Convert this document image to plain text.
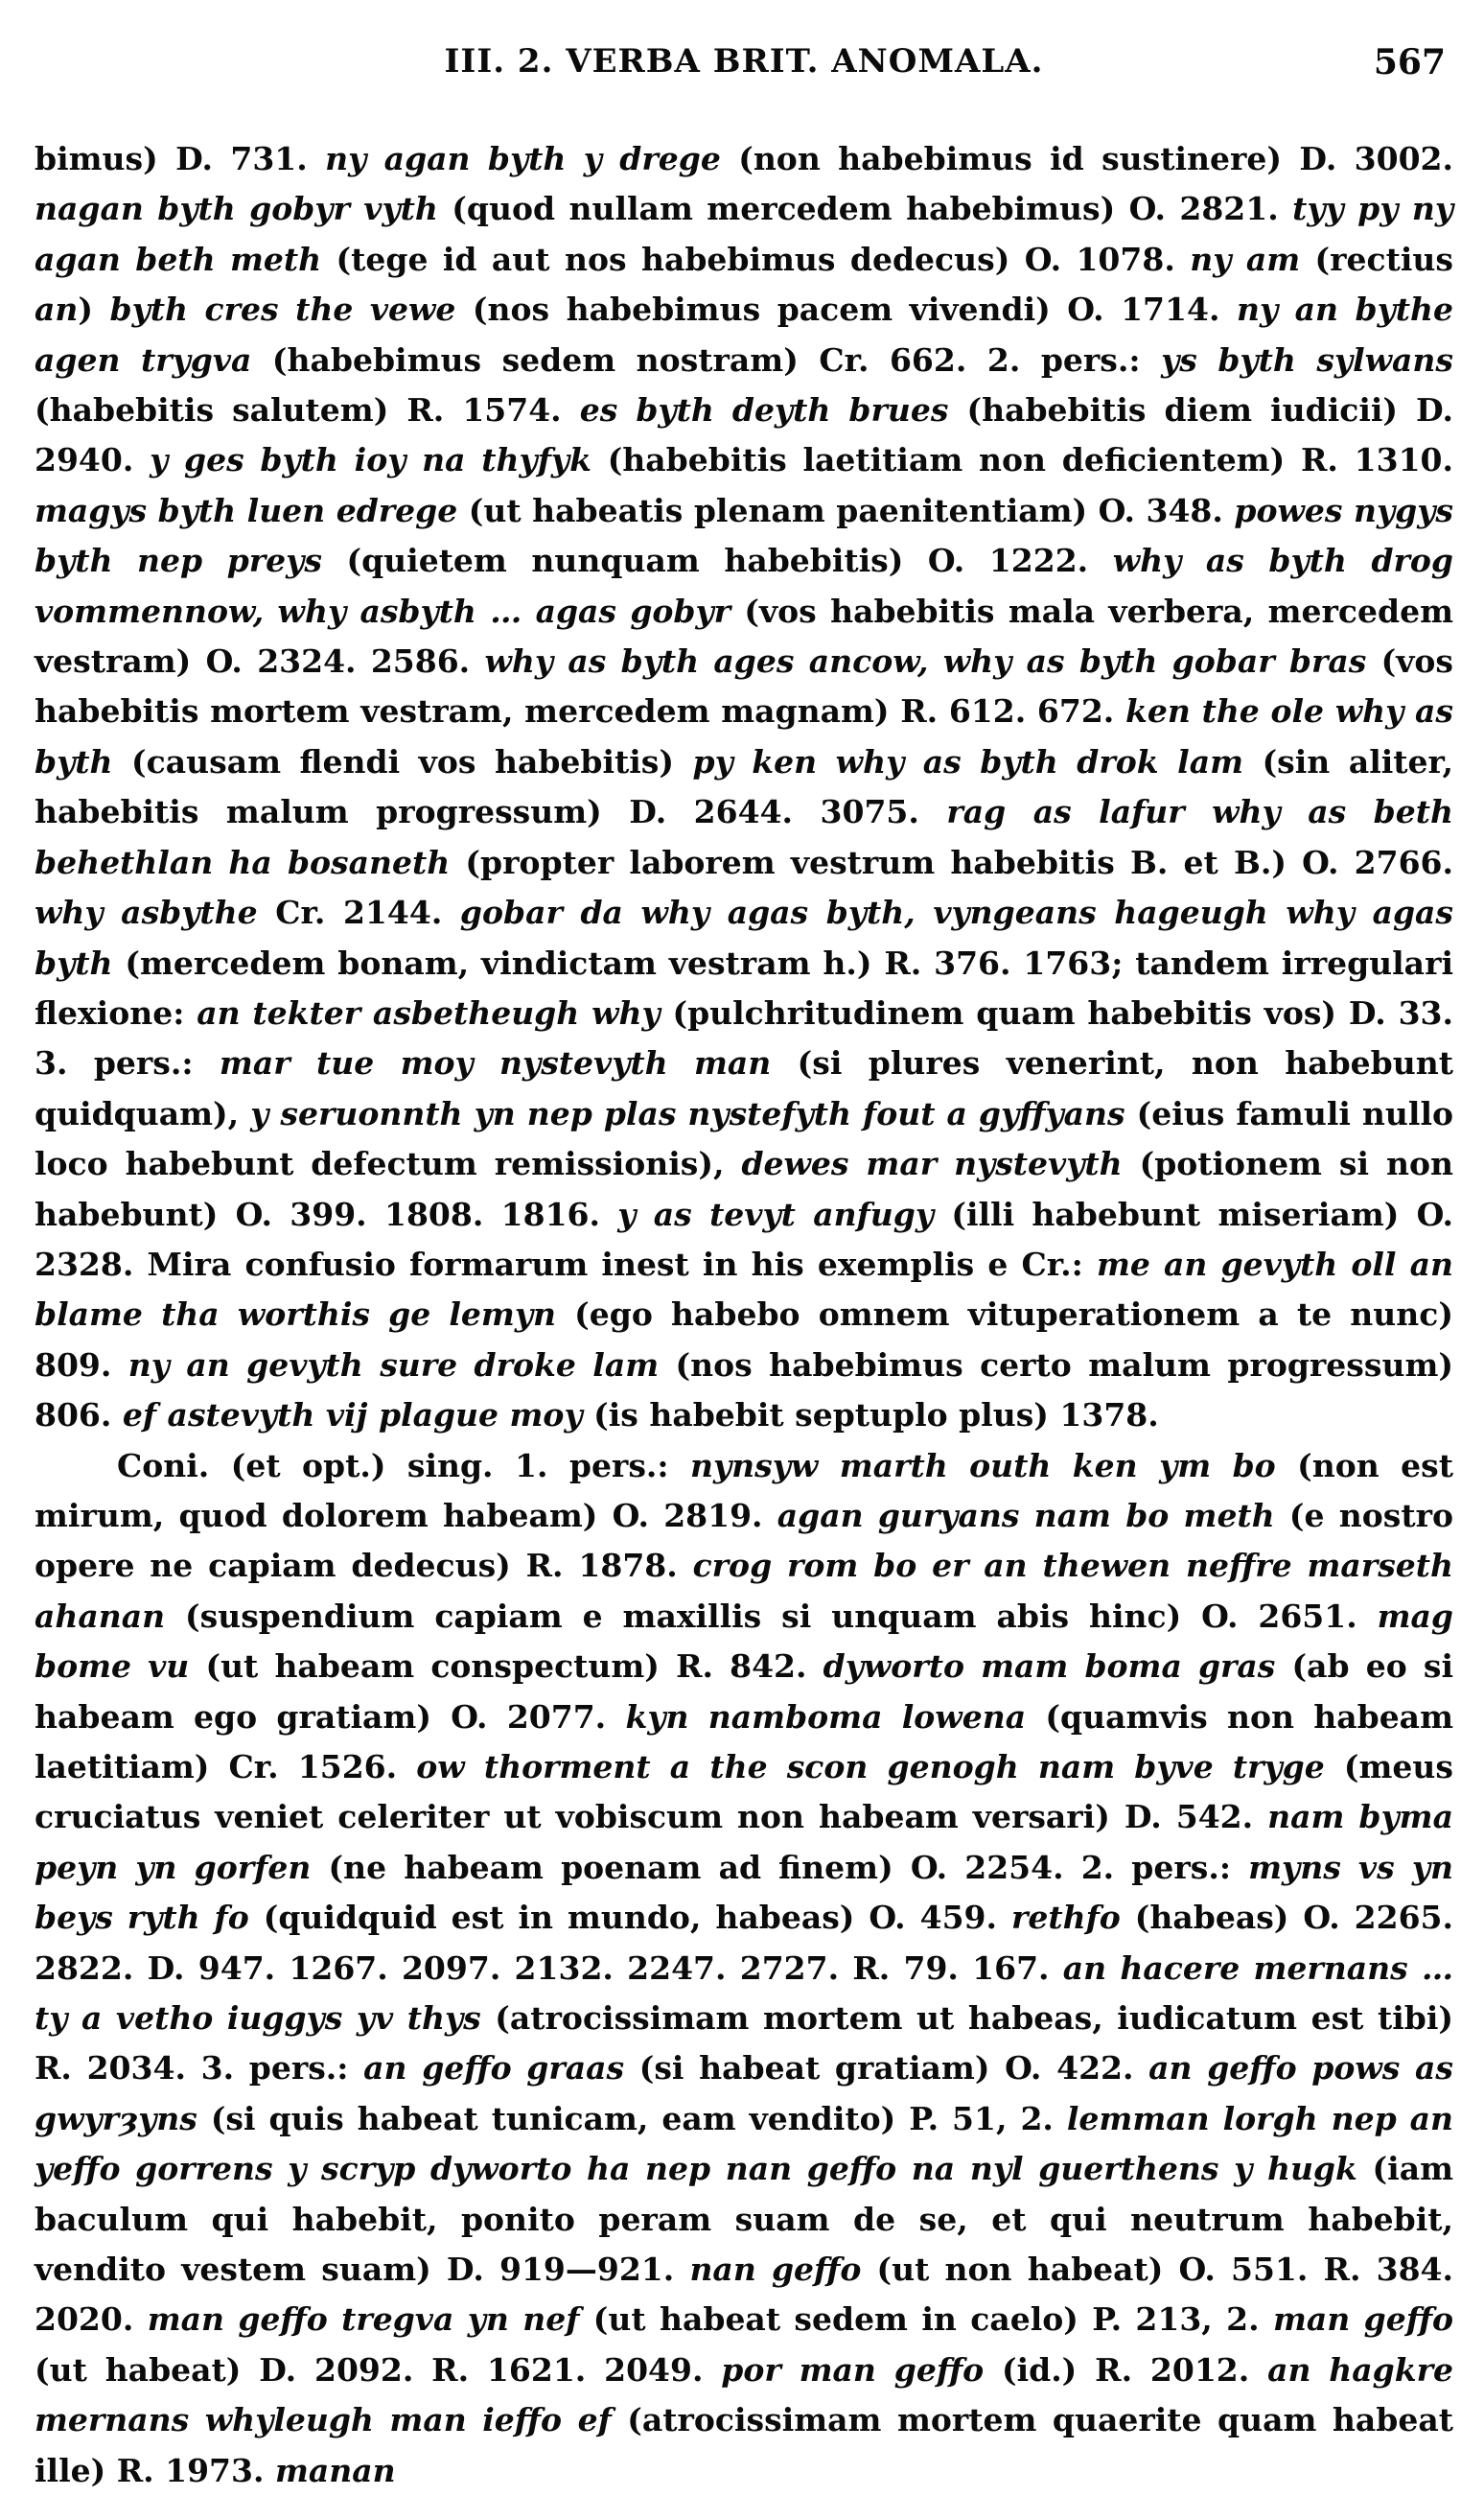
III. 2. VERBA BRIT. ANOMALA.	567

bimus) D. 731. ny agan byth y drege (non habebimus id sustinere) D. 3002. nagan byth gobyr vyth (quod nullam mercedem habebimus) O. 2821. tyy py ny agan beth meth (tege id aut nos habebimus dedecus) O. 1078. ny am (rectius an) byth cres the vewe (nos habebimus pacem vivendi) O. 1714. ny an bythe agen trygva (habebimus sedem nostram) Cr. 662. 2. pers.: ys byth sylwans (habebitis salutem) R. 1574. es byth deyth brues (habebitis diem iudicii) D. 2940. y ges byth ioy na thyfyk (habebitis laetitiam non deficientem) R. 1310. magys byth luen edrege (ut habeatis plenam paenitentiam) O. 348. powes nygys byth nep preys (quietem nunquam habebitis) O. 1222. why as byth drog vommennow, why asbyth … agas gobyr (vos habebitis mala verbera, mercedem vestram) O. 2324. 2586. why as byth ages ancow, why as byth gobar bras (vos habebitis mortem vestram, mercedem magnam) R. 612. 672. ken the ole why as byth (causam flendi vos habebitis) py ken why as byth drok lam (sin aliter, habebitis malum progressum) D. 2644. 3075. rag as lafur why as beth behethlan ha bosaneth (propter laborem vestrum habebitis B. et B.) O. 2766. why asbythe Cr. 2144. gobar da why agas byth, vyngeans hageugh why agas byth (mercedem bonam, vindictam vestram h.) R. 376. 1763; tandem irregulari flexione: an tekter asbetheugh why (pulchritudinem quam habebitis vos) D. 33. 3. pers.: mar tue moy nystevyth man (si plures venerint, non habebunt quidquam), y seruonnth yn nep plas nystefyth fout a gyffyans (eius famuli nullo loco habebunt defectum remissionis), dewes mar nystevyth (potionem si non habebunt) O. 399. 1808. 1816. y as tevyt anfugy (illi habebunt miseriam) O. 2328. Mira confusio formarum inest in his exemplis e Cr.: me an gevyth oll an blame tha worthis ge lemyn (ego habebo omnem vituperationem a te nunc) 809. ny an gevyth sure droke lam (nos habebimus certo malum progressum) 806. ef astevyth vij plague moy (is habebit septuplo plus) 1378.

Coni. (et opt.) sing. 1. pers.: nynsyw marth outh ken ym bo (non est mirum, quod dolorem habeam) O. 2819. agan guryans nam bo meth (e nostro opere ne capiam dedecus) R. 1878. crog rom bo er an thewen neffre marseth ahanan (suspendium capiam e maxillis si unquam abis hinc) O. 2651. mag bome vu (ut habeam conspectum) R. 842. dyworto mam boma gras (ab eo si habeam ego gratiam) O. 2077. kyn namboma lowena (quamvis non habeam laetitiam) Cr. 1526. ow thorment a the scon genogh nam byve tryge (meus cruciatus veniet celeriter ut vobiscum non habeam versari) D. 542. nam byma peyn yn gorfen (ne habeam poenam ad finem) O. 2254. 2. pers.: myns vs yn beys ryth fo (quidquid est in mundo, habeas) O. 459. rethfo (habeas) O. 2265. 2822. D. 947. 1267. 2097. 2132. 2247. 2727. R. 79. 167. an hacere mernans … ty a vetho iuggys yv thys (atrocissimam mortem ut habeas, iudicatum est tibi) R. 2034. 3. pers.: an geffo graas (si habeat gratiam) O. 422. an geffo pows as gwyrȝyns (si quis habeat tunicam, eam vendito) P. 51, 2. lemman lorgh nep an yeffo gorrens y scryp dyworto ha nep nan geffo na nyl guerthens y hugk (iam baculum qui habebit, ponito peram suam de se, et qui neutrum habebit, vendito vestem suam) D. 919—921. nan geffo (ut non habeat) O. 551. R. 384. 2020. man geffo tregva yn nef (ut habeat sedem in caelo) P. 213, 2. man geffo (ut habeat) D. 2092. R. 1621. 2049. por man geffo (id.) R. 2012. an hagkre mernans whyleugh man ieffo ef (atrocissimam mortem quaerite quam habeat ille) R. 1973. manan
